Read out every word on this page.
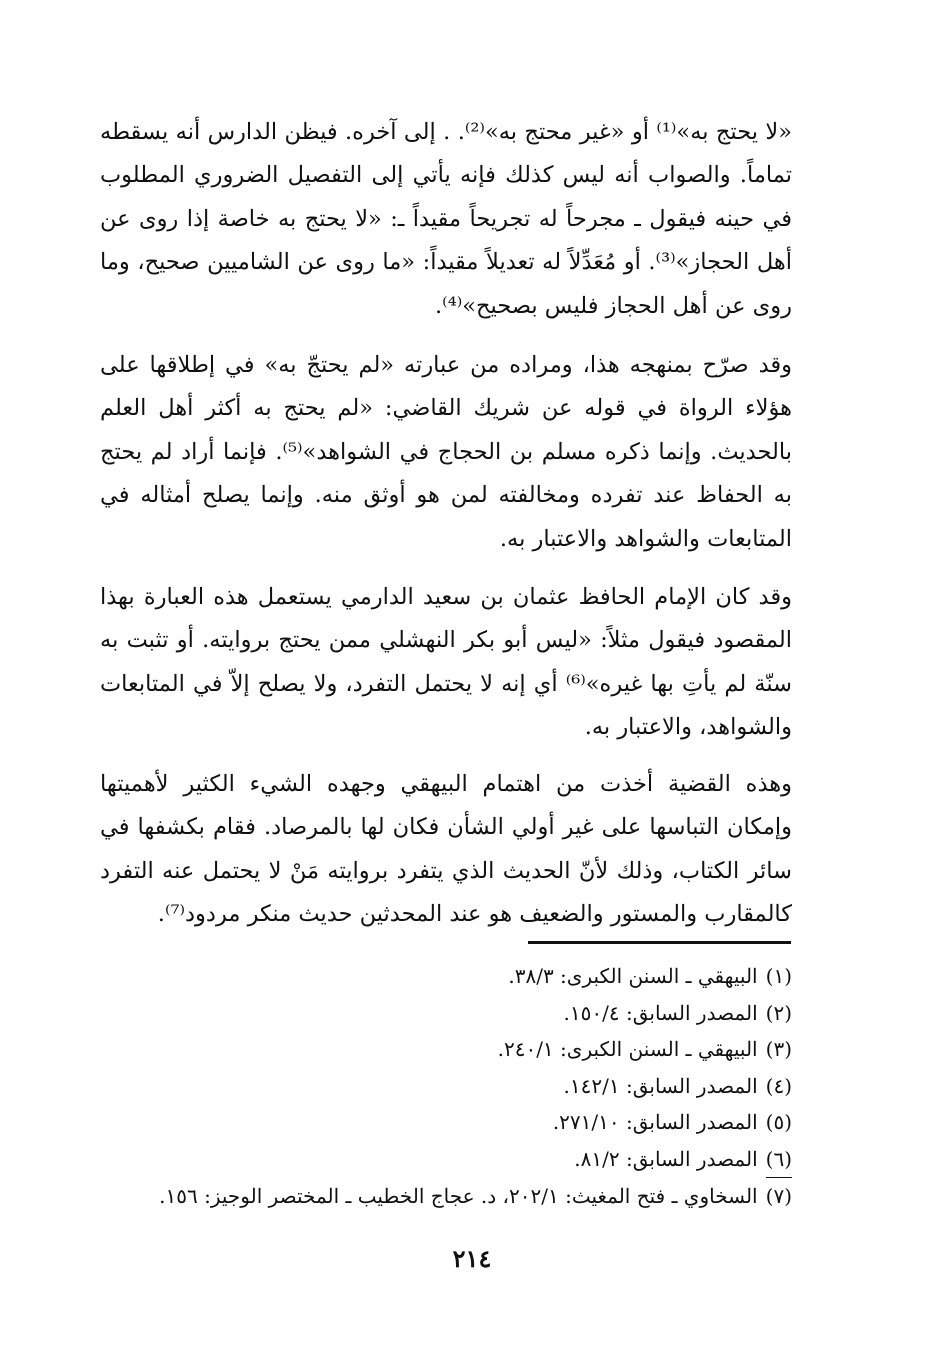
«لا يحتج به»⁽¹⁾ أو «غير محتج به»⁽²⁾. . إلى آخره. فيظن الدارس أنه يسقطه تماماً. والصواب أنه ليس كذلك فإنه يأتي إلى التفصيل الضروري المطلوب في حينه فيقول ـ مجرحاً له تجريحاً مقيداً ـ: «لا يحتج به خاصة إذا روى عن أهل الحجاز»⁽³⁾. أو مُعَدِّلاً له تعديلاً مقيداً: «ما روى عن الشاميين صحيح، وما روى عن أهل الحجاز فليس بصحيح»⁽⁴⁾.

وقد صرّح بمنهجه هذا، ومراده من عبارته «لم يحتجّ به» في إطلاقها على هؤلاء الرواة في قوله عن شريك القاضي: «لم يحتج به أكثر أهل العلم بالحديث. وإنما ذكره مسلم بن الحجاج في الشواهد»⁽⁵⁾. فإنما أراد لم يحتج به الحفاظ عند تفرده ومخالفته لمن هو أوثق منه. وإنما يصلح أمثاله في المتابعات والشواهد والاعتبار به.

وقد كان الإمام الحافظ عثمان بن سعيد الدارمي يستعمل هذه العبارة بهذا المقصود فيقول مثلاً: «ليس أبو بكر النهشلي ممن يحتج بروايته. أو تثبت به سنّة لم يأتِ بها غيره»⁽⁶⁾ أي إنه لا يحتمل التفرد، ولا يصلح إلاّ في المتابعات والشواهد، والاعتبار به.

وهذه القضية أخذت من اهتمام البيهقي وجهده الشيء الكثير لأهميتها وإمكان التباسها على غير أولي الشأن فكان لها بالمرصاد. فقام بكشفها في سائر الكتاب، وذلك لأنّ الحديث الذي يتفرد بروايته مَنْ لا يحتمل عنه التفرد كالمقارب والمستور والضعيف هو عند المحدثين حديث منكر مردود⁽⁷⁾.

(١)البيهقي ـ السنن الكبرى: ٣٨/٣.
(٢)المصدر السابق: ١٥٠/٤.
(٣)البيهقي ـ السنن الكبرى: ٢٤٠/١.
(٤)المصدر السابق: ١٤٢/١.
(٥)المصدر السابق: ٢٧١/١٠.
(٦)المصدر السابق: ٨١/٢.
(٧)السخاوي ـ فتح المغيث: ٢٠٢/١، د. عجاج الخطيب ـ المختصر الوجيز: ١٥٦.
٢١٤
